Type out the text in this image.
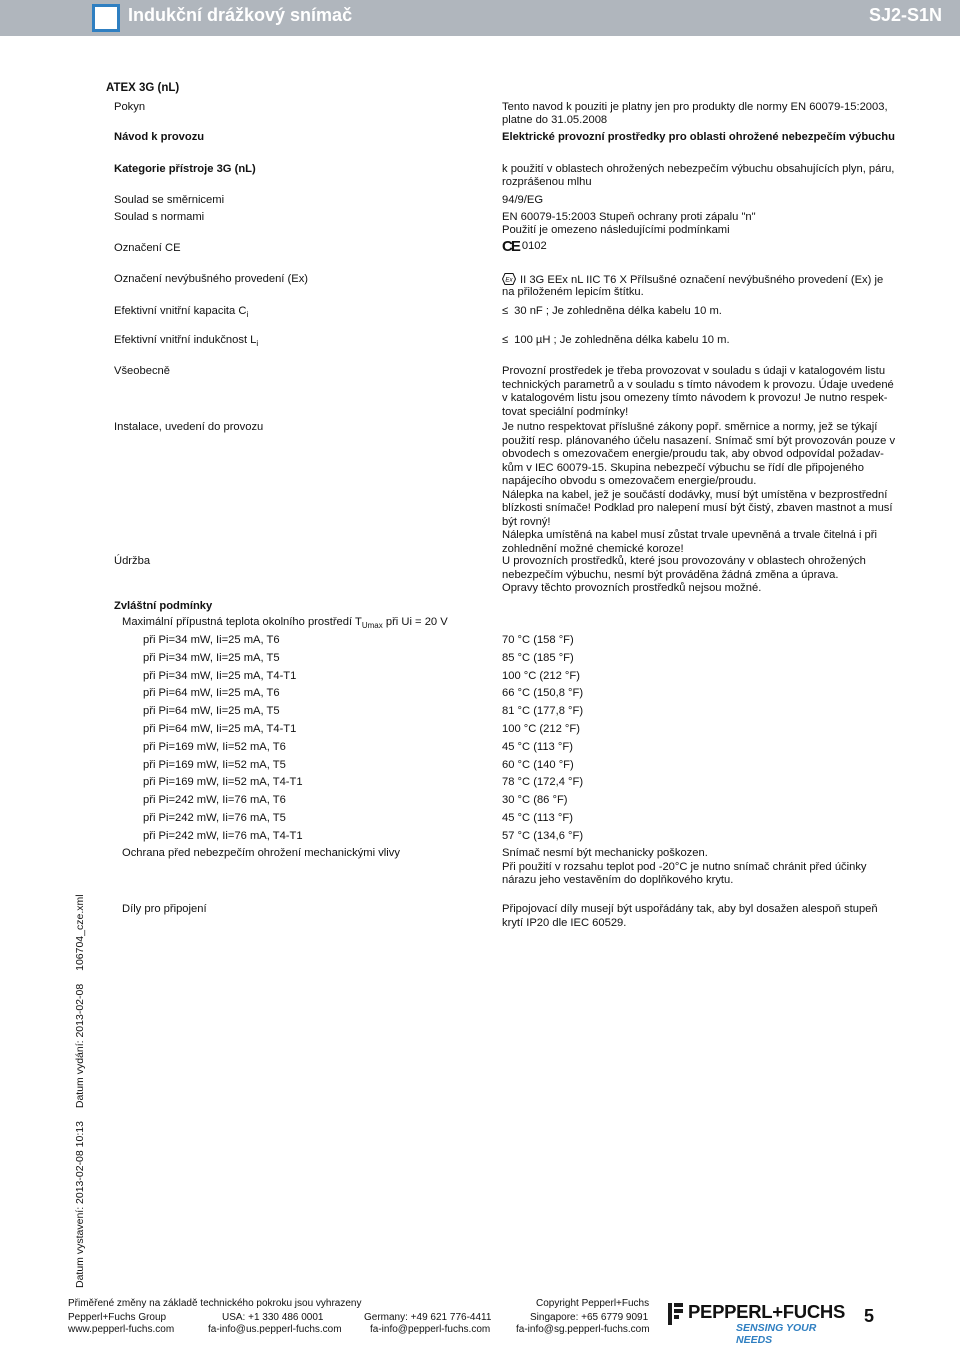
Indukční drážkový snímač	SJ2-S1N
ATEX 3G (nL)
Pokyn	Tento navod k pouziti je platny jen pro produkty dle normy EN 60079-15:2003,
platne do 31.05.2008
Návod k provozu	Elektrické provozní prostředky pro oblasti ohrožené nebezpečím výbuchu
Kategorie přístroje 3G (nL)	k použití v oblastech ohrožených nebezpečím výbuchu obsahujících plyn, páru,
rozprášenou mlhu
Soulad se směrnicemi	94/9/EG
Soulad s normami	EN 60079-15:2003 Stupeň ochrany proti zápalu "n"
Použití je omezeno následujícími podmínkami
Označení CE	CE 0102
Označení nevýbušného provedení (Ex)	Ex II 3G EEx nL IIC T6 X Přílsušné označení nevýbušného provedení (Ex) je
na přiloženém lepicím štítku.
Efektivní vnitřní kapacita $C_i$	≤ 30 nF ; Je zohledněna délka kabelu 10 m.
Efektivní vnitřní indukčnost $L_i$	≤ 100 µH ; Je zohledněna délka kabelu 10 m.
Všeobecně	Provozní prostředek je třeba provozovat v souladu s údaji v katalogovém listu
technických parametrů a v souladu s tímto návodem k provozu. Údaje uvedené
v katalogovém listu jsou omezeny tímto návodem k provozu! Je nutno respek-
tovat speciální podmínky!
Instalace, uvedení do provozu	Je nutno respektovat příslušné zákony popř. směrnice a normy, jež se týkají
použití resp. plánovaného účelu nasazení. Snímač smí být provozován pouze v
obvodech s omezovačem energie/proudu tak, aby obvod odpovídal požadav-
kům v IEC 60079-15. Skupina nebezpečí výbuchu se řídí dle připojeného
napájecího obvodu s omezovačem energie/proudu.
Nálepka na kabel, jež je součástí dodávky, musí být umístěna v bezprostřední
blízkosti snímače! Podklad pro nalepení musí být čistý, zbaven mastnot a musí
být rovný!
Nálepka umístěná na kabel musí zůstat trvale upevněná a trvale čitelná i při
zohlednění možné chemické koroze!
Údržba	U provozních prostředků, které jsou provozovány v oblastech ohrožených
nebezpečím výbuchu, nesmí být prováděna žádná změna a úprava.
Opravy těchto provozních prostředků nejsou možné.
Zvláštní podmínky
Maximální přípustná teplota okolního prostředí $T_{Umax}$ při Ui = 20 V
při Pi=34 mW, Ii=25 mA, T6	70 °C (158 °F)
při Pi=34 mW, Ii=25 mA, T5	85 °C (185 °F)
při Pi=34 mW, Ii=25 mA, T4-T1	100 °C (212 °F)
při Pi=64 mW, Ii=25 mA, T6	66 °C (150,8 °F)
při Pi=64 mW, Ii=25 mA, T5	81 °C (177,8 °F)
při Pi=64 mW, Ii=25 mA, T4-T1	100 °C (212 °F)
při Pi=169 mW, Ii=52 mA, T6	45 °C (113 °F)
při Pi=169 mW, Ii=52 mA, T5	60 °C (140 °F)
při Pi=169 mW, Ii=52 mA, T4-T1	78 °C (172,4 °F)
při Pi=242 mW, Ii=76 mA, T6	30 °C (86 °F)
při Pi=242 mW, Ii=76 mA, T5	45 °C (113 °F)
při Pi=242 mW, Ii=76 mA, T4-T1	57 °C (134,6 °F)
Ochrana před nebezpečím ohrožení mechanickými vlivy	Snímač nesmí být mechanicky poškozen.
Při použití v rozsahu teplot pod -20°C je nutno snímač chránit před účinky
nárazu jeho vestavěním do doplňkového krytu.
Díly pro připojení	Připojovací díly musejí být uspořádány tak, aby byl dosažen alespoň stupeň
krytí IP20 dle IEC 60529.
Datum vystavení: 2013-02-08 10:13 Datum vydání: 2013-02-08 106704_cze.xml
Přiměřené změny na základě technického pokroku jsou vyhrazeny	Copyright Pepperl+Fuchs
Pepperl+Fuchs Group
www.pepperl-fuchs.com
USA: +1 330 486 0001
fa-info@us.pepperl-fuchs.com
Germany: +49 621 776-4411
fa-info@pepperl-fuchs.com
Singapore: +65 6779 9091
fa-info@sg.pepperl-fuchs.com
PEPPERL+FUCHS
SENSING YOUR NEEDS
5
